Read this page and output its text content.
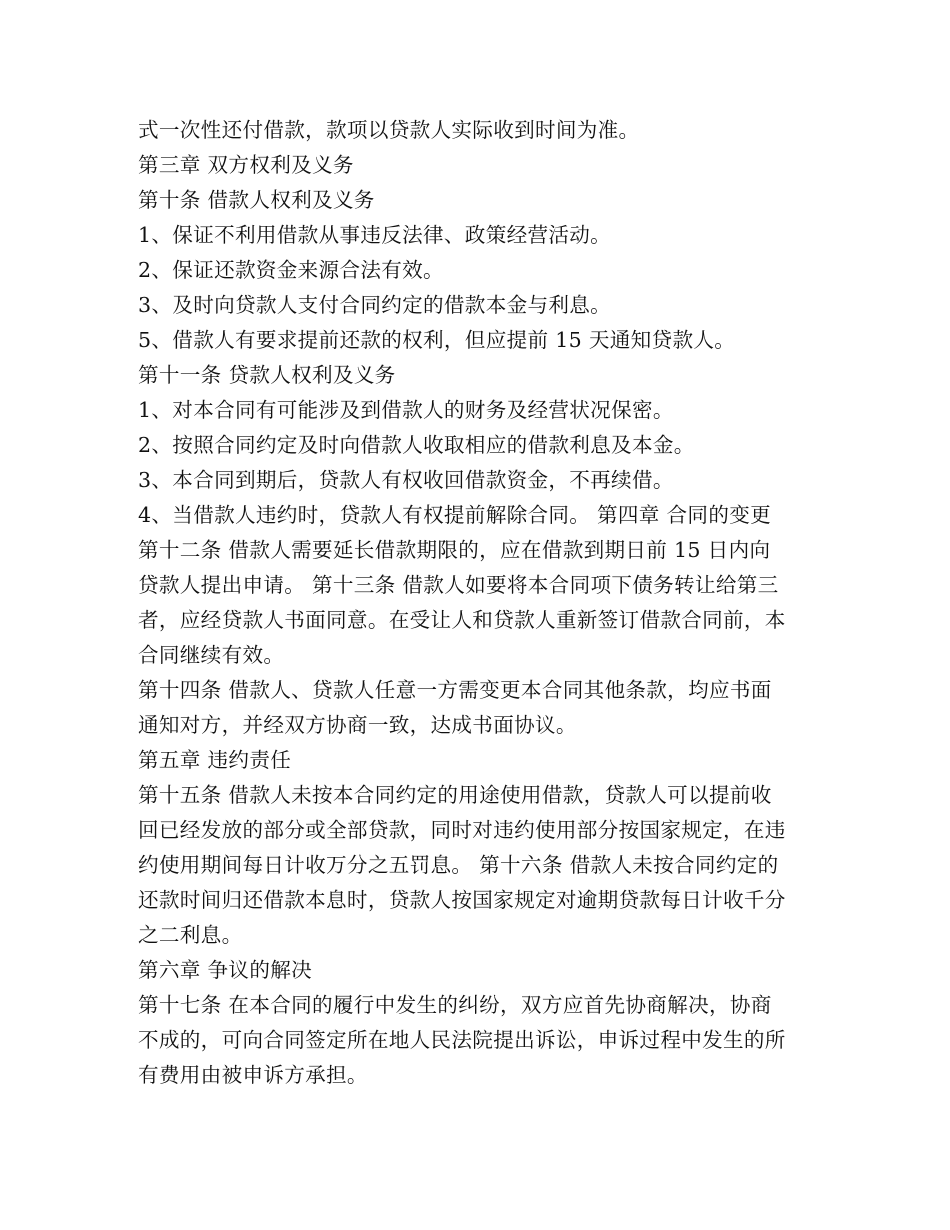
式一次性还付借款，款项以贷款人实际收到时间为准。
第三章 双方权利及义务
第十条 借款人权利及义务
1、保证不利用借款从事违反法律、政策经营活动。
2、保证还款资金来源合法有效。
3、及时向贷款人支付合同约定的借款本金与利息。
5、借款人有要求提前还款的权利，但应提前 15 天通知贷款人。
第十一条 贷款人权利及义务
1、对本合同有可能涉及到借款人的财务及经营状况保密。
2、按照合同约定及时向借款人收取相应的借款利息及本金。
3、本合同到期后，贷款人有权收回借款资金，不再续借。
4、当借款人违约时，贷款人有权提前解除合同。 第四章 合同的变更
第十二条 借款人需要延长借款期限的，应在借款到期日前 15 日内向
贷款人提出申请。 第十三条 借款人如要将本合同项下债务转让给第三
者，应经贷款人书面同意。在受让人和贷款人重新签订借款合同前，本
合同继续有效。
第十四条 借款人、贷款人任意一方需变更本合同其他条款，均应书面
通知对方，并经双方协商一致，达成书面协议。
第五章 违约责任
第十五条 借款人未按本合同约定的用途使用借款，贷款人可以提前收
回已经发放的部分或全部贷款，同时对违约使用部分按国家规定，在违
约使用期间每日计收万分之五罚息。 第十六条 借款人未按合同约定的
还款时间归还借款本息时，贷款人按国家规定对逾期贷款每日计收千分
之二利息。
第六章 争议的解决
第十七条 在本合同的履行中发生的纠纷，双方应首先协商解决，协商
不成的，可向合同签定所在地人民法院提出诉讼，申诉过程中发生的所
有费用由被申诉方承担。
